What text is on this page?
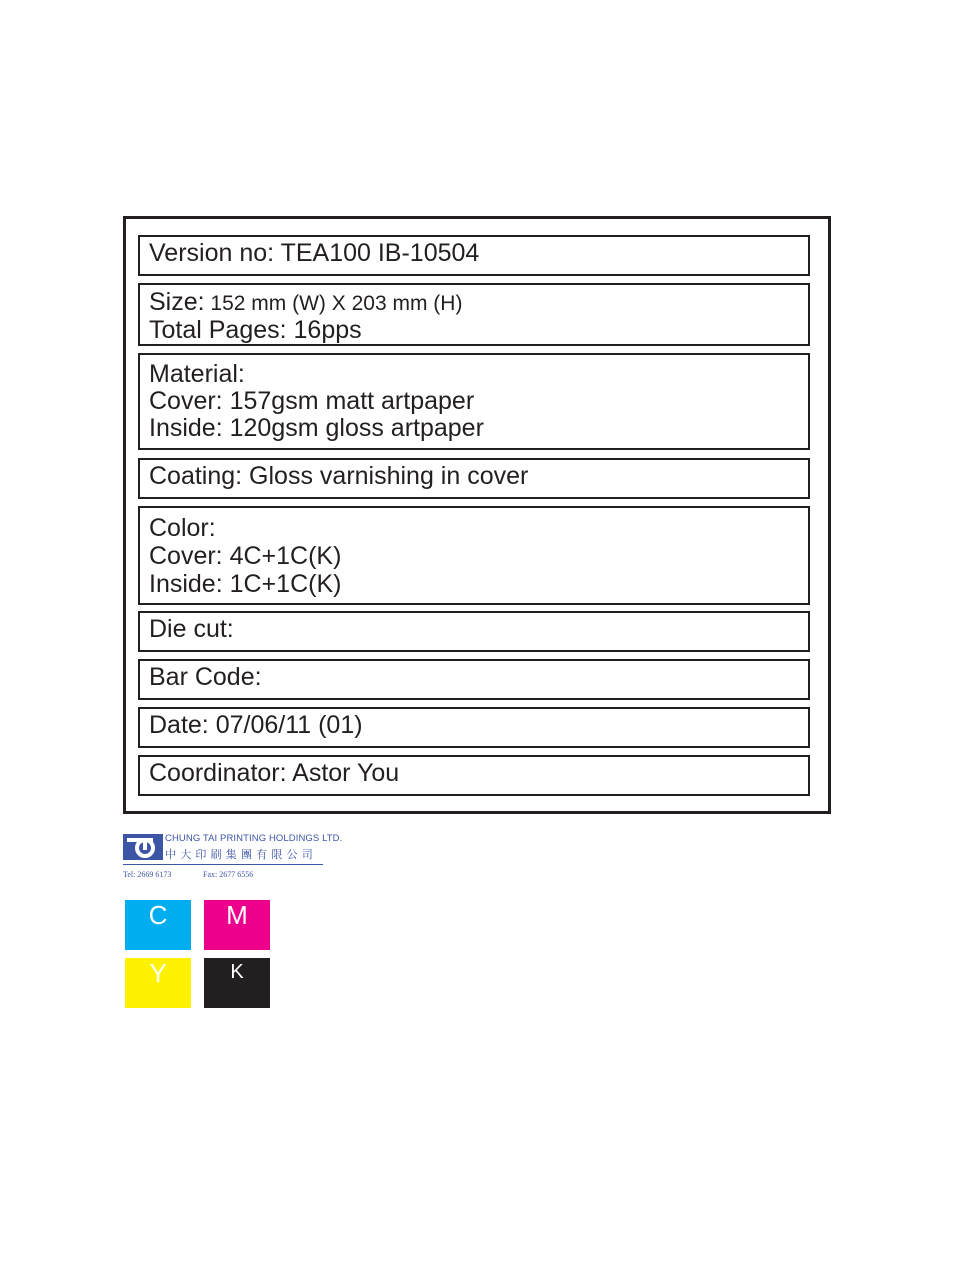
Version no: TEA100 IB-10504
Size: 152 mm (W) X 203 mm (H)
Total Pages: 16pps
Material:
Cover: 157gsm matt artpaper
Inside: 120gsm gloss artpaper
Coating: Gloss varnishing in cover
Color:
Cover: 4C+1C(K)
Inside: 1C+1C(K)
Die cut:
Bar Code:
Date: 07/06/11 (01)
Coordinator: Astor You
CHUNG TAI PRINTING HOLDINGS LTD.
中大印刷集團有限公司
Tel: 2669 6173	Fax: 2677 6556
C	M
Y	K
